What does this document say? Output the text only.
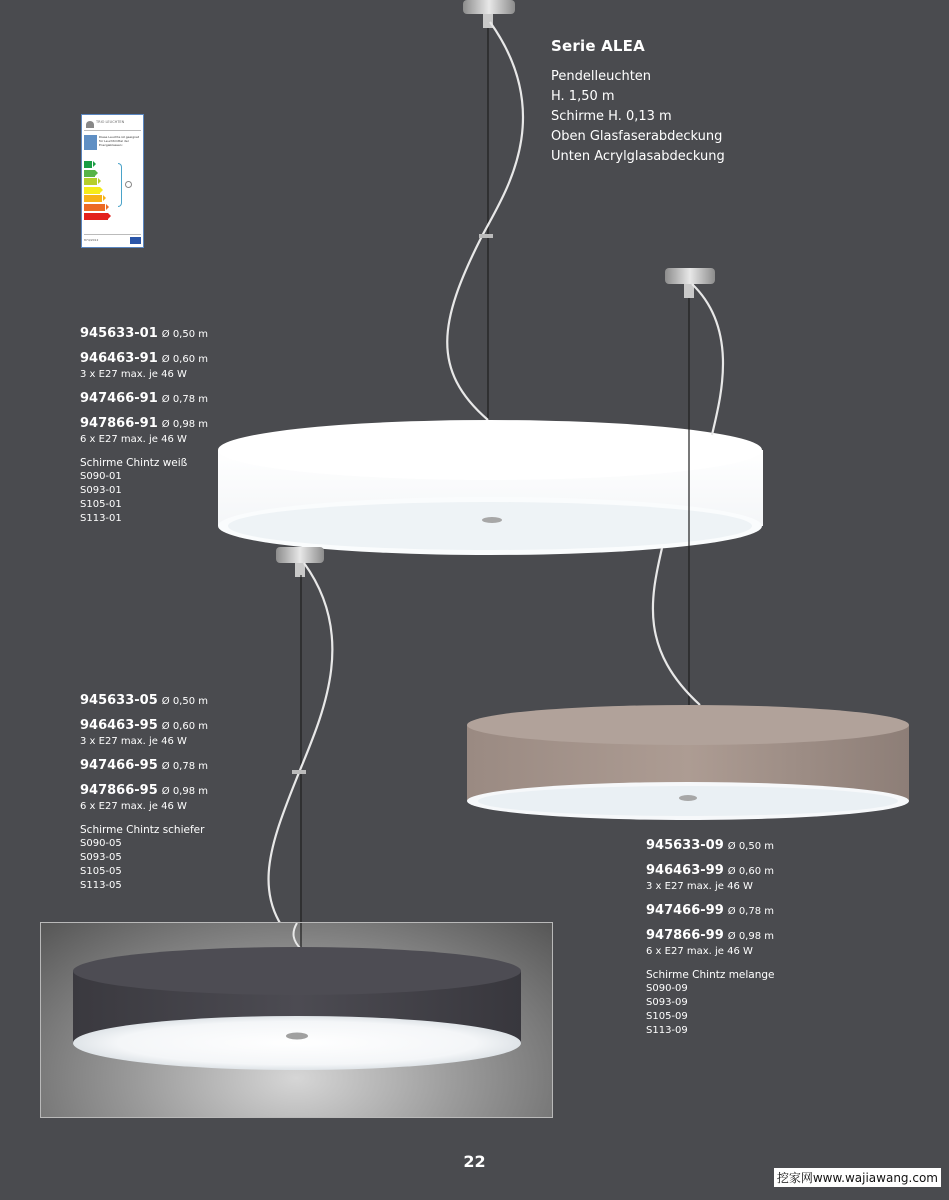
Serie ALEA
Pendelleuchten
H. 1,50 m
Schirme H. 0,13 m
Oben Glasfaserabdeckung
Unten Acrylglasabdeckung
TRIO LEUCHTEN
Diese Leuchte ist geeignet für Leuchtmittel der Energieklassen:
874/2012
945633-01 Ø 0,50 m
946463-91 Ø 0,60 m
3 x E27 max. je 46 W
947466-91 Ø 0,78 m
947866-91 Ø 0,98 m
6 x E27 max. je 46 W
Schirme Chintz weiß
S090-01
S093-01
S105-01
S113-01
945633-05 Ø 0,50 m
946463-95 Ø 0,60 m
3 x E27 max. je 46 W
947466-95 Ø 0,78 m
947866-95 Ø 0,98 m
6 x E27 max. je 46 W
Schirme Chintz schiefer
S090-05
S093-05
S105-05
S113-05
945633-09 Ø 0,50 m
946463-99 Ø 0,60 m
3 x E27 max. je 46 W
947466-99 Ø 0,78 m
947866-99 Ø 0,98 m
6 x E27 max. je 46 W
Schirme Chintz melange
S090-09
S093-09
S105-09
S113-09
22
挖家网www.wajiawang.com
